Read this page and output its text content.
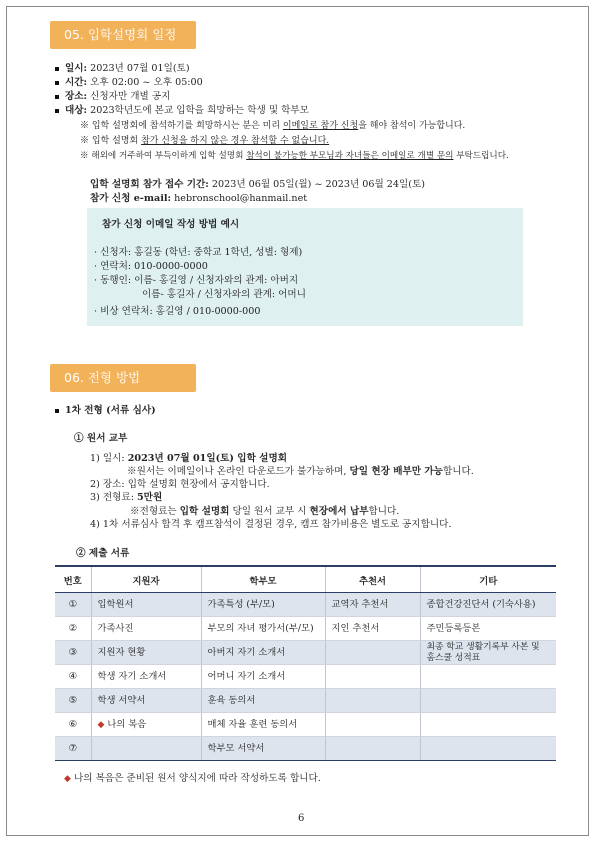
05. 입학설명회 일정
일시: 2023년 07월 01일(토)
시간: 오후 02:00 ~ 오후 05:00
장소: 신청자만 개별 공지
대상: 2023학년도에 본교 입학을 희망하는 학생 및 학부모
※ 입학 설명회에 참석하기를 희망하시는 분은 미리 이메일로 참가 신청을 해야 참석이 가능합니다.
※ 입학 설명회 참가 신청을 하지 않은 경우 참석할 수 없습니다.
※ 해외에 거주하여 부득이하게 입학 설명회 참석이 불가능한 부모님과 자녀들은 이메일로 개별 문의 부탁드립니다.
입학 설명회 참가 접수 기간: 2023년 06월 05일(월) ~ 2023년 06월 24일(토)
참가 신청 e-mail: hebronschool@hanmail.net
참가 신청 이메일 작성 방법 예시
· 신청자: 홍길동 (학년: 중학교 1학년, 성별: 형제)
· 연락처: 010-0000-0000
· 동행인: 이름- 홍길영 / 신청자와의 관계: 아버지
이름- 홍길자 / 신청자와의 관계: 어머니
· 비상 연락처: 홍길영 / 010-0000-000
06. 전형 방법
1차 전형 (서류 심사)
① 원서 교부
1) 일시: 2023년 07월 01일(토) 입학 설명회
※원서는 이메일이나 온라인 다운로드가 불가능하며, 당일 현장 배부만 가능합니다.
2) 장소: 입학 설명회 현장에서 공지합니다.
3) 전형료: 5만원
※전형료는 입학 설명회 당일 원서 교부 시 현장에서 납부합니다.
4) 1차 서류심사 합격 후 캠프참석이 결정된 경우, 캠프 참가비용은 별도로 공지합니다.
② 제출 서류
번호	지원자	학부모	추천서	기타
①	입학원서	가족특성 (부/모)	교역자 추천서	종합건강진단서 (기숙사용)
②	가족사진	부모의 자녀 평가서(부/모)	지인 추천서	주민등록등본
③	지원자 현황	아버지 자기 소개서		최종 학교 생활기록부 사본 및 홈스쿨 성적표
④	학생 자기 소개서	어머니 자기 소개서		
⑤	학생 서약서	훈육 동의서		
⑥	◆ 나의 복음	매체 자율 훈련 동의서		
⑦		학부모 서약서		
◆ 나의 복음은 준비된 원서 양식지에 따라 작성하도록 합니다.
6
